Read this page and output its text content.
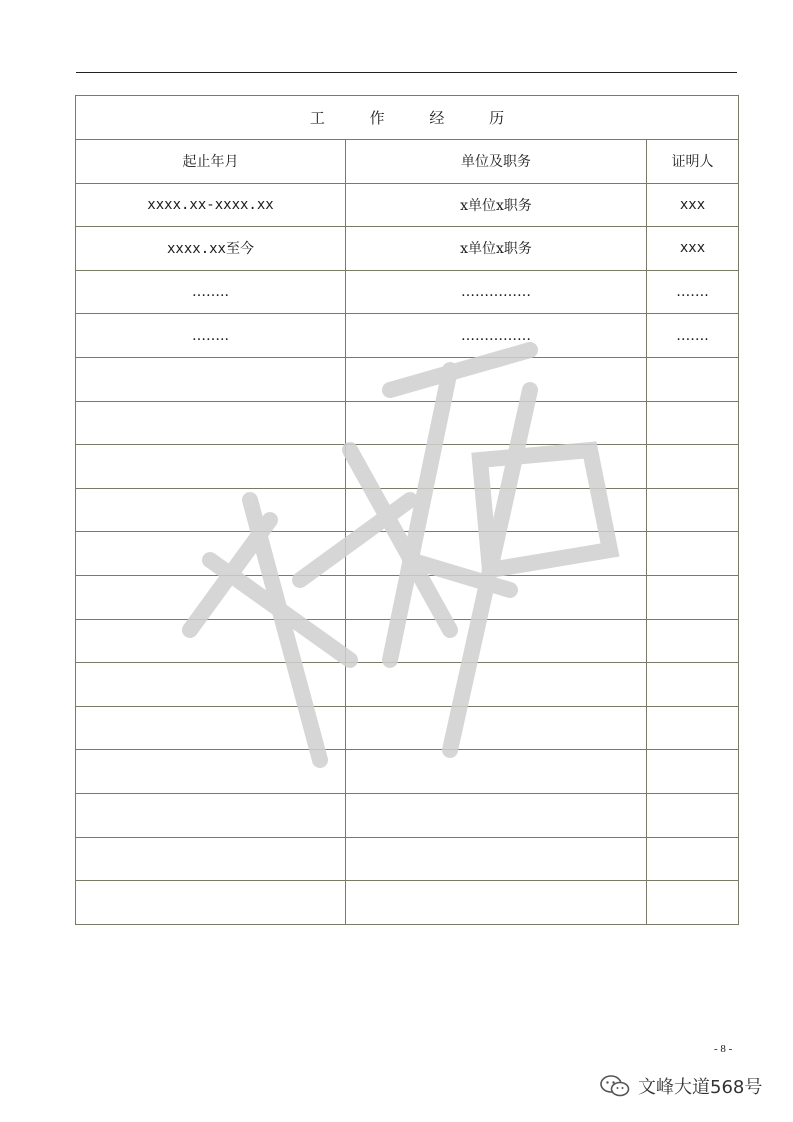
工 作 经 历		
起止年月	单位及职务	证明人
xxxx.xx-xxxx.xx	x单位x职务	xxx
xxxx.xx至今	x单位x职务	xxx
……..	……………	…….
……..	……………	…….

- 8 -
文峰大道568号
